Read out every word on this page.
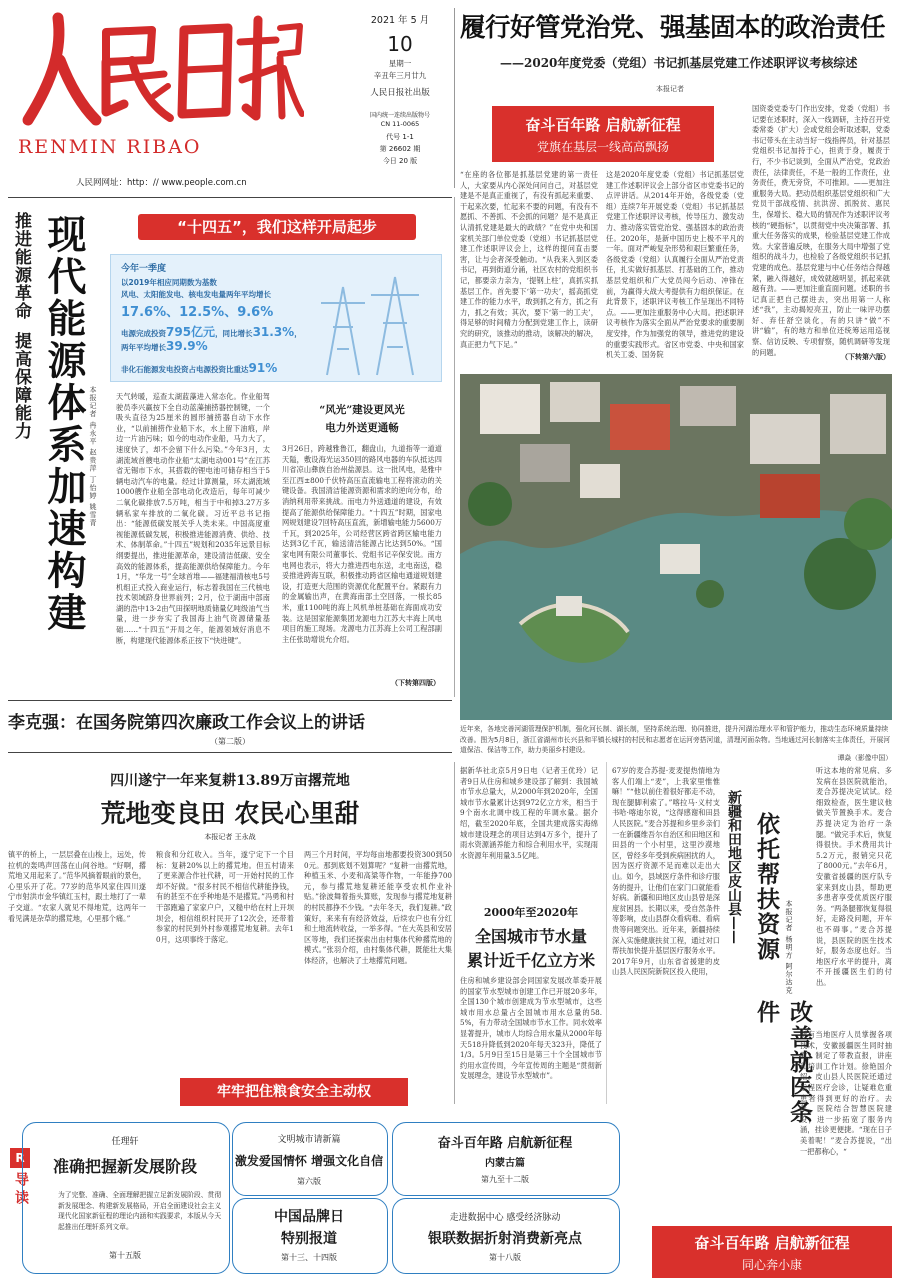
RENMIN RIBAO
人民网网址：http：// www.people.com.cn
2021 年 5 月
10
星期一
辛丑年三月廿九
人民日报社出版
国内统一连续出版物号
CN 11-0065
代号 1-1
第 26602 期
今日 20 版
履行好管党治党、强基固本的政治责任
——2020年度党委（党组）书记抓基层党建工作述职评议考核综述
本报记者
奋斗百年路 启航新征程
党旗在基层一线高高飘扬
“在座的各位都是抓基层党建的第一责任人，大家要从内心深处问问自己，对基层党建是不是真正重视了，有没有抓起来重要、干起来次要，忙起来不要的问题，有没有不愿抓、不善抓、不会抓的问题？是不是真正认清抓党建是最大的政绩？”在党中央和国家机关部门单位党委（党组）书记抓基层党建工作述职评议会上，这样的提问直击要害，让与会者深受触动。“从我来入到区委书记，再到街道分涌，社区农村的党组织书记，都要亲力亲为，‘提钢上柱’，真抓实抓基层工作。首先要下‘第一功夫’，摇高抓党建工作的能力水平，敢到抓之有方，抓之有力，抓之有效；其次，要下‘第一的工夫’，得足够的时间精力分配到党建工作上，读研究的研究，该推动的推动，该解决的解决，真正把力气下足。”
这是2020年度党委（党组）书记抓基层党建工作述职评议会上部分省区市党委书记的点评讲话。从2014年开始，各级党委（党组）连续7年开展党委（党组）书记抓基层党建工作述职评议考核，传导压力、激发动力、推动落实管党治党、强基固本的政治责任。2020年，是新中国历史上极不平凡的一年。面对严峻复杂形势和艰巨繁重任务，各级党委（党组）认真履行全面从严治党责任，扎实做好抓基层、打基础的工作，推动基层党组织和广大党员闯今后动、冲锋在前，为赢得大战大考提供有力组织保证。在此背景下，述职评议考核工作呈现出不同特点。——更加注重服务中心大局。把述职评议考核作为落实全面从严治党要求的重要制度安排，作为加强党的领导，推进党的建设的重要实践形式。省区市党委、中央和国家机关工委、国务院
国资委党委专门作出安排，党委（党组）书记要在述职时，深入一线调研，主持召开党委常委（扩大）会或党组会听取述职，党委书记带头在主动当好一线指挥员，针对基层党组织书记加持于心，担责于身，履责于行，不少书记谈到，全面从严治党，党政治责任，法律责任，不是一般的工作责任，业务责任，费无旁贷，不可推卸。——更加注重服务大局。把动员组织基层党组织和广大党员干部战疫情、抗洪涝、抓脱贫、惠民生，保增长、稳大局的情况作为述职评议考核的“硬指标”，以贯彻党中央决策部署、抓重大任务落实的成果，检验基层党建工作成效。大家普遍反映，在服务大局中增强了党组织的战斗力，也检验了各级党组织书记抓党建的成色。基层党建与中心任务结合得越紧，融入得越好，成效就越明显，抓起来就越有劲。——更加注重直面问题。述职的书记真正把自己摆进去，突出用第一人称述“我”，主动揭短亮丑，防止一味评功摆好、弃任舒空谈化，有的只讲“做”不讲“输”，有的地方和单位还统筹运用巡视察、信访反映、专项督察，随机调研等发现的问题。
（下转第六版）
近年来，各地完善河湖管理保护机制，强化河长制、湖长制，坚持系统治理、协同推进，提升河湖治理水平和管护能力，推动生态环境质量持续改善。图为5月8日，浙江省湖州市长兴县和平镇长城村的村民和志愿者在运河旁搭河道，清理河面杂物。当地通过河长制落实主体责任，开展河道保洁、保洁等工作，助力美丽乡村建设。
谭焱（影像中国）
推进能源革命
提高保障能力 现代能源体系加速构建	“十四五”，我们这样开局起步
今年一季度
以2019年相应同期数为基数
风电、太阳能发电、核电发电量两年平均增长
17.6%、12.5%、9.6%
电源完成投资795亿元，同比增长31.3%，
两年平均增长39.9%
非化石能源发电投资占电源投资比重达91%
本报记者 冉永平 赵贵萍 丁怡婷 姚雪青	天气转暖，巡查太湖蓝藻进入常态化。作业船驾驶员李兴赢按下全自动蓝藻捕捞器控制键，一个吸头直径为25厘米的圆形捕捞器自动下水作业，“以前捕捞作业船下水，水上留下油痕，岸边一片油污味；如今的电动作业船，马力大了，速度快了，却不会留下什么污染。”今年3月，太湖流域首艘电动作业船“太湖电动001号”在江苏省无锡市下水，其搭载的锂电池可储存相当于5辆电动汽车的电量。经过计算测量，环太湖流域1000艘作业船全部电动化改造后，每年可减少二氧化碳排放7.5万吨，相当于中和掉3.27万多辆私家车排放的二氧化碳。习近平总书记指出：“能源低碳发展关乎人类未来。中国高度重视能源低碳发展，积极推进能源消费、供给、技术、体制革命。”十四五”规划和2035年远景目标纲要提出，推进能源革命，建设清洁低碳、安全高效的能源体系，提高能源供给保障能力。今年1月，“华龙一号”全球首堆——福建福清核电5号机组正式投入商业运行，标志着我国在三代核电技术领域跻身世界前列；2月，位于湖南中部南湖的浩中13-2由气田探明地质储量亿吨级油气当量，进一步夯实了我国海上油气资源储量基础……“十四五”开局之年，能源领域好消息不断，构建现代能源体系正按下“快进键”。
“风光”建设更风光
电力外送更通畅
3月26日，跨越雅鲁江，翻盘山，九道指等一道道天隘，敷设海光运350回的路风电器的车队抵达四川省凉山彝族自治州盐源县。这一批风电，是雅中至江西±800千伏特高压直流输电工程将滚动的关键设备。我国清洁能源资源和需求的逆向分布，给消纳利用带来挑战。而电力外送通道的建设，有效提高了能源供给保障能力。“十四五”时期，国家电网规划建设7回特高压直流，新增输电能力5600万千瓦，到2025年，公司经营区跨省跨区输电能力达到3亿千瓦，输送清洁能源占比达到50%。“国家电网有限公司董事长、党组书记辛保安说。南方电网也表示，将大力推进西电东送，北电南送，稳妥推进跨海互联，积极推动跨省区输电通道规划建设，打造更大范围的资源优化配置平台。紧跟有力的金属输出声，在黄海南部土空回落，一根长85米，重1100吨的海上风机单桩基础在海面成功安装。这是国家能源集团龙源电力江苏大丰海上风电项目的施工现场。龙源电力江苏海上公司工程部副主任张助增说允介绍。
（下转第四版）
李克强：在国务院第四次廉政工作会议上的讲话
（第二版）
四川遂宁一年来复耕13.89万亩撂荒地
荒地变良田 农民心里甜
本报记者 王永战
镇平的桥上，一层层叠在山梭上，远处，传拉机的轰鸣声回荡在山间谷地。“好啊，撂荒地又用起来了。”范华风摘着眼前的景色，心里乐开了花。77岁的范华风家住四川遂宁市射洪市金华镇红玉村，跟土地打了一辈子交道。“农家人就见不得地荒，这两年一看见满是杂草的撂荒地，心里那个痛。”
粮食和分红收入。当年，遂宁定下一个目标：复耕20%以上的撂荒地。但五村请来了更来源合作社代耕，可一开始村民的工作却不好做。“很多村民不相信代耕能挣钱，有的甚至不在乎种地是不是撂荒。”冯勇和村干部跑遍了家家户户，又糙中给在村上开坝坝会，相信组织村民开了12次会，还带着参家的村民到外村参观撂荒地复耕。去年10月，这项事终于落定。
两三个月时间，平均每亩地都要投资300到500元。那到底划不划算呢？“复耕一亩撂荒地，种植玉米、小麦和高粱等作物，一年能挣700元，参与撂荒地复耕还能享受农机作业补贴。”徐波舞着指头算账，发现参与撂荒地复耕的村民都挣不少钱。“去年冬天，我们复耕。”政策好，来来有有经济效益，后续农户也有分红和土地流转收益，一举多得。“在大英县和安居区等地，我们还探索出由村集体代种撂荒地的模式。”张羽介绍，由村集体代耕，既能壮大集体经济，也解决了土地撂荒问题。
据新华社北京5月9日电（记者王优玲）记者9日从住房和城乡建设部了解到：我国城市节水总量大，从2000年到2020年，全国城市节水量累计达到972亿立方米，相当于9个南水北调中线工程的年调水量。据介绍，截至2020年底，全国共建成落实海绵城市建设理念的项目达到4万多个，提升了雨水资源涵养能力和综合利用水平，实现雨水资源年利用量3.5亿吨。
2000年至2020年
全国城市节水量
累计近千亿立方米
住房和城乡建设部会同国家发展改革委开展的国家节水型城市创建工作已开展20多年，全国130个城市创建成为节水型城市，这些城市用水总量占全国城市用水总量的58.5%，有力带动全国城市节水工作。同水效率显著提升，城市人均综合用水量从2000年每天518升降低到2020年每天323升，降低了1/3。5月9日至15日是第三十个全国城市节约用水宣传周，今年宣传周的主题是“贯彻新发展理念，建设节水型城市”。
67岁的麦合苏提·麦麦提热情地为客人们端上“麦”，上我家里惟惟嘛！”“他以前住着很好都走不动，现在腿脚利索了。”喀拉马·义村支书哈·喀迪尔说，“这得感谢和田县人民医院。”麦合苏提和乡里乡亲们一在新疆维吾尔自治区和田地区和田县的一个小村里，这里沙漠地区，曾经多年受到疾病困扰的人，因为医疗资源不足而难以走出大山。如今，县域医疗条件和诊疗服务的提升，让他们在家门口就能看好病。新疆和田地区皮山县曾是深度贫困县。长期以来，受自然条件等影响，皮山县群众看病难、看病贵等问题突出。近年来，新疆持续深入实施健康扶贫工程，通过对口帮扶加快提升基层医疗服务水平。2017年9月，山东省省援建的皮山县人民医院新院区投入使用，
新疆和田地区皮山县—— 依托帮扶资源
改善就医条件
本报记者 杨明方 阿尔达克
听这本地的常见病、多发病在县医院就能治，麦合苏提决定试试。经细致检查，医生建议他做关节置换手术。麦合苏提决定为治疗一条腿。“做完手术后，恢复得很快。手术费用共计5.2万元，报销完只花了8000元。”去年6月，安徽省援疆的医疗队专家来到皮山县，帮助更多患者享受优质医疗服务。“两条腿都恢复得很好，走路没问题，开车也不碍事。”麦合苏提说，县医院的医生技术好，服务态度也好。当地医疗水平的提升，离不开援疆医生们的付出。
所有当地医疗人员掌握各项技术，安徽援疆医生同时抽教，制定了带教直报，讲座和培训工作计划。徐艳国介绍，皮山县人民医院还通过远程医疗会诊，让疑难危重患者得到更好的治疗。去年，医院结合智慧医院建设，进一步拓宽了服务内涵，挂诊更便捷。“现在日子美着呢！”麦合苏提说，“出一把都称心，“
牢牢把住粮食安全主动权
奋斗百年路 启航新征程
同心奔小康
R
导读
任理轩
准确把握新发展阶段
为了完整、准确、全面理解把握立足新发展阶段、贯彻新发展理念、构建新发展格局，开启全面建设社会主义现代化国家新征程的理论内涵和实践要求，本版从今天起推出任理轩系列文章。
第十五版
文明城市请新篇
激发爱国情怀 增强文化自信
第六版
奋斗百年路 启航新征程
内蒙古篇
第九至十二版
中国品牌日
特别报道
第十三、十四版
走进数据中心 感受经济脉动
银联数据折射消费新亮点
第十八版
